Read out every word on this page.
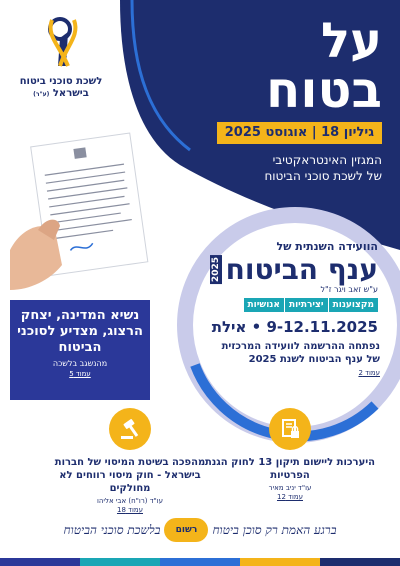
לשכת סוכני ביטוח
בישראל (ע"ר)
על
בטוח
גיליון 18 | אוגוסט 2025
המגזין האינטראקטיבי
של לשכת סוכני הביטוח
הוועידה השנתית של
ענף הביטוח
2025
ע"ש זאב ויגר ז"ל
מקצוענות
יצירתיות
אנושיות
9-12.11.2025 • אילת
נשיא המדינה, יצחק הרצוג, מצדיע לסוכני הביטוח
מהנשגב בלשכה
עמוד 5
נפתחה ההרשמה לוועידה המרכזית של ענף הביטוח לשנת 2025
עמוד 2
מהפכה בשיטת המיסוי של חברות בישראל - חוק מיסוי רווחים לא מחולקים
עו"ד (רו"ח) אבי אליהו
עמוד 18
היערכות ליישום תיקון 13 לחוק הגנת הפרטיות
עו"ד יניב מאיר
עמוד 12
ברגע האמת רק סוכן
ביטוח
רשום
בלשכת סוכני הביטוח
